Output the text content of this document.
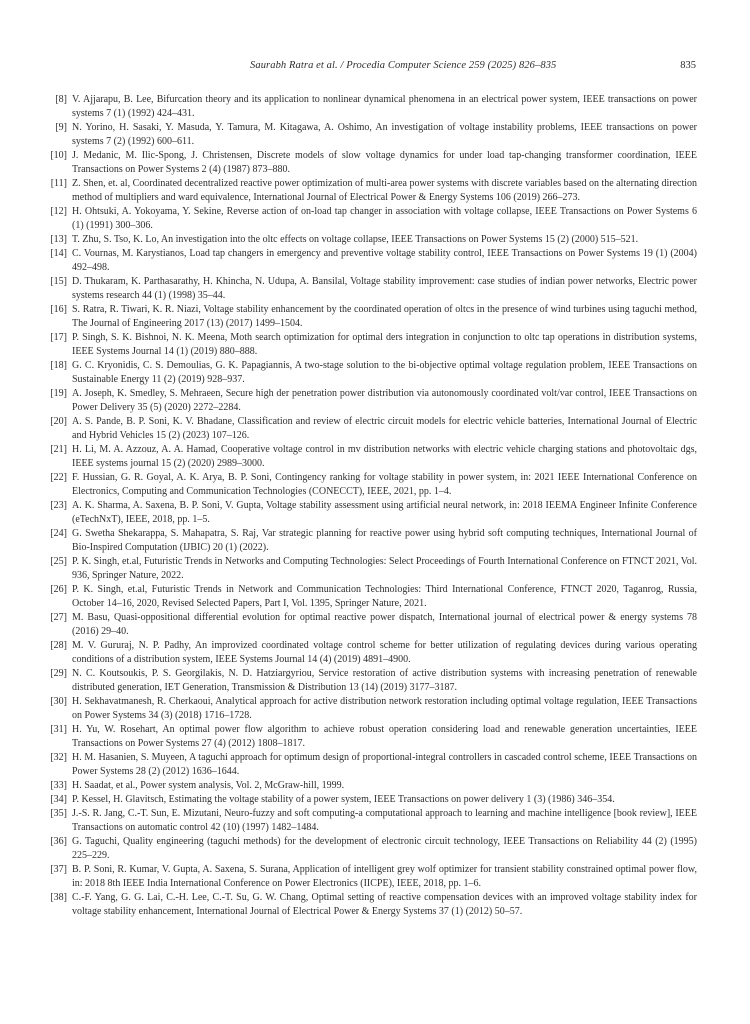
Saurabh Ratra et al. / Procedia Computer Science 259 (2025) 826–835	835
[8] V. Ajjarapu, B. Lee, Bifurcation theory and its application to nonlinear dynamical phenomena in an electrical power system, IEEE transactions on power systems 7 (1) (1992) 424–431.
[9] N. Yorino, H. Sasaki, Y. Masuda, Y. Tamura, M. Kitagawa, A. Oshimo, An investigation of voltage instability problems, IEEE transactions on power systems 7 (2) (1992) 600–611.
[10] J. Medanic, M. Ilic-Spong, J. Christensen, Discrete models of slow voltage dynamics for under load tap-changing transformer coordination, IEEE Transactions on Power Systems 2 (4) (1987) 873–880.
[11] Z. Shen, et. al, Coordinated decentralized reactive power optimization of multi-area power systems with discrete variables based on the alternating direction method of multipliers and ward equivalence, International Journal of Electrical Power & Energy Systems 106 (2019) 266–273.
[12] H. Ohtsuki, A. Yokoyama, Y. Sekine, Reverse action of on-load tap changer in association with voltage collapse, IEEE Transactions on Power Systems 6 (1) (1991) 300–306.
[13] T. Zhu, S. Tso, K. Lo, An investigation into the oltc effects on voltage collapse, IEEE Transactions on Power Systems 15 (2) (2000) 515–521.
[14] C. Vournas, M. Karystianos, Load tap changers in emergency and preventive voltage stability control, IEEE Transactions on Power Systems 19 (1) (2004) 492–498.
[15] D. Thukaram, K. Parthasarathy, H. Khincha, N. Udupa, A. Bansilal, Voltage stability improvement: case studies of indian power networks, Electric power systems research 44 (1) (1998) 35–44.
[16] S. Ratra, R. Tiwari, K. R. Niazi, Voltage stability enhancement by the coordinated operation of oltcs in the presence of wind turbines using taguchi method, The Journal of Engineering 2017 (13) (2017) 1499–1504.
[17] P. Singh, S. K. Bishnoi, N. K. Meena, Moth search optimization for optimal ders integration in conjunction to oltc tap operations in distribution systems, IEEE Systems Journal 14 (1) (2019) 880–888.
[18] G. C. Kryonidis, C. S. Demoulias, G. K. Papagiannis, A two-stage solution to the bi-objective optimal voltage regulation problem, IEEE Transactions on Sustainable Energy 11 (2) (2019) 928–937.
[19] A. Joseph, K. Smedley, S. Mehraeen, Secure high der penetration power distribution via autonomously coordinated volt/var control, IEEE Transactions on Power Delivery 35 (5) (2020) 2272–2284.
[20] A. S. Pande, B. P. Soni, K. V. Bhadane, Classification and review of electric circuit models for electric vehicle batteries, International Journal of Electric and Hybrid Vehicles 15 (2) (2023) 107–126.
[21] H. Li, M. A. Azzouz, A. A. Hamad, Cooperative voltage control in mv distribution networks with electric vehicle charging stations and photovoltaic dgs, IEEE systems journal 15 (2) (2020) 2989–3000.
[22] F. Hussian, G. R. Goyal, A. K. Arya, B. P. Soni, Contingency ranking for voltage stability in power system, in: 2021 IEEE International Conference on Electronics, Computing and Communication Technologies (CONECCT), IEEE, 2021, pp. 1–4.
[23] A. K. Sharma, A. Saxena, B. P. Soni, V. Gupta, Voltage stability assessment using artificial neural network, in: 2018 IEEMA Engineer Infinite Conference (eTechNxT), IEEE, 2018, pp. 1–5.
[24] G. Swetha Shekarappa, S. Mahapatra, S. Raj, Var strategic planning for reactive power using hybrid soft computing techniques, International Journal of Bio-Inspired Computation (IJBIC) 20 (1) (2022).
[25] P. K. Singh, et.al, Futuristic Trends in Networks and Computing Technologies: Select Proceedings of Fourth International Conference on FTNCT 2021, Vol. 936, Springer Nature, 2022.
[26] P. K. Singh, et.al, Futuristic Trends in Network and Communication Technologies: Third International Conference, FTNCT 2020, Taganrog, Russia, October 14–16, 2020, Revised Selected Papers, Part I, Vol. 1395, Springer Nature, 2021.
[27] M. Basu, Quasi-oppositional differential evolution for optimal reactive power dispatch, International journal of electrical power & energy systems 78 (2016) 29–40.
[28] M. V. Gururaj, N. P. Padhy, An improvized coordinated voltage control scheme for better utilization of regulating devices during various operating conditions of a distribution system, IEEE Systems Journal 14 (4) (2019) 4891–4900.
[29] N. C. Koutsoukis, P. S. Georgilakis, N. D. Hatziargyriou, Service restoration of active distribution systems with increasing penetration of renewable distributed generation, IET Generation, Transmission & Distribution 13 (14) (2019) 3177–3187.
[30] H. Sekhavatmanesh, R. Cherkaoui, Analytical approach for active distribution network restoration including optimal voltage regulation, IEEE Transactions on Power Systems 34 (3) (2018) 1716–1728.
[31] H. Yu, W. Rosehart, An optimal power flow algorithm to achieve robust operation considering load and renewable generation uncertainties, IEEE Transactions on Power Systems 27 (4) (2012) 1808–1817.
[32] H. M. Hasanien, S. Muyeen, A taguchi approach for optimum design of proportional-integral controllers in cascaded control scheme, IEEE Transactions on Power Systems 28 (2) (2012) 1636–1644.
[33] H. Saadat, et al., Power system analysis, Vol. 2, McGraw-hill, 1999.
[34] P. Kessel, H. Glavitsch, Estimating the voltage stability of a power system, IEEE Transactions on power delivery 1 (3) (1986) 346–354.
[35] J.-S. R. Jang, C.-T. Sun, E. Mizutani, Neuro-fuzzy and soft computing-a computational approach to learning and machine intelligence [book review], IEEE Transactions on automatic control 42 (10) (1997) 1482–1484.
[36] G. Taguchi, Quality engineering (taguchi methods) for the development of electronic circuit technology, IEEE Transactions on Reliability 44 (2) (1995) 225–229.
[37] B. P. Soni, R. Kumar, V. Gupta, A. Saxena, S. Surana, Application of intelligent grey wolf optimizer for transient stability constrained optimal power flow, in: 2018 8th IEEE India International Conference on Power Electronics (IICPE), IEEE, 2018, pp. 1–6.
[38] C.-F. Yang, G. G. Lai, C.-H. Lee, C.-T. Su, G. W. Chang, Optimal setting of reactive compensation devices with an improved voltage stability index for voltage stability enhancement, International Journal of Electrical Power & Energy Systems 37 (1) (2012) 50–57.
